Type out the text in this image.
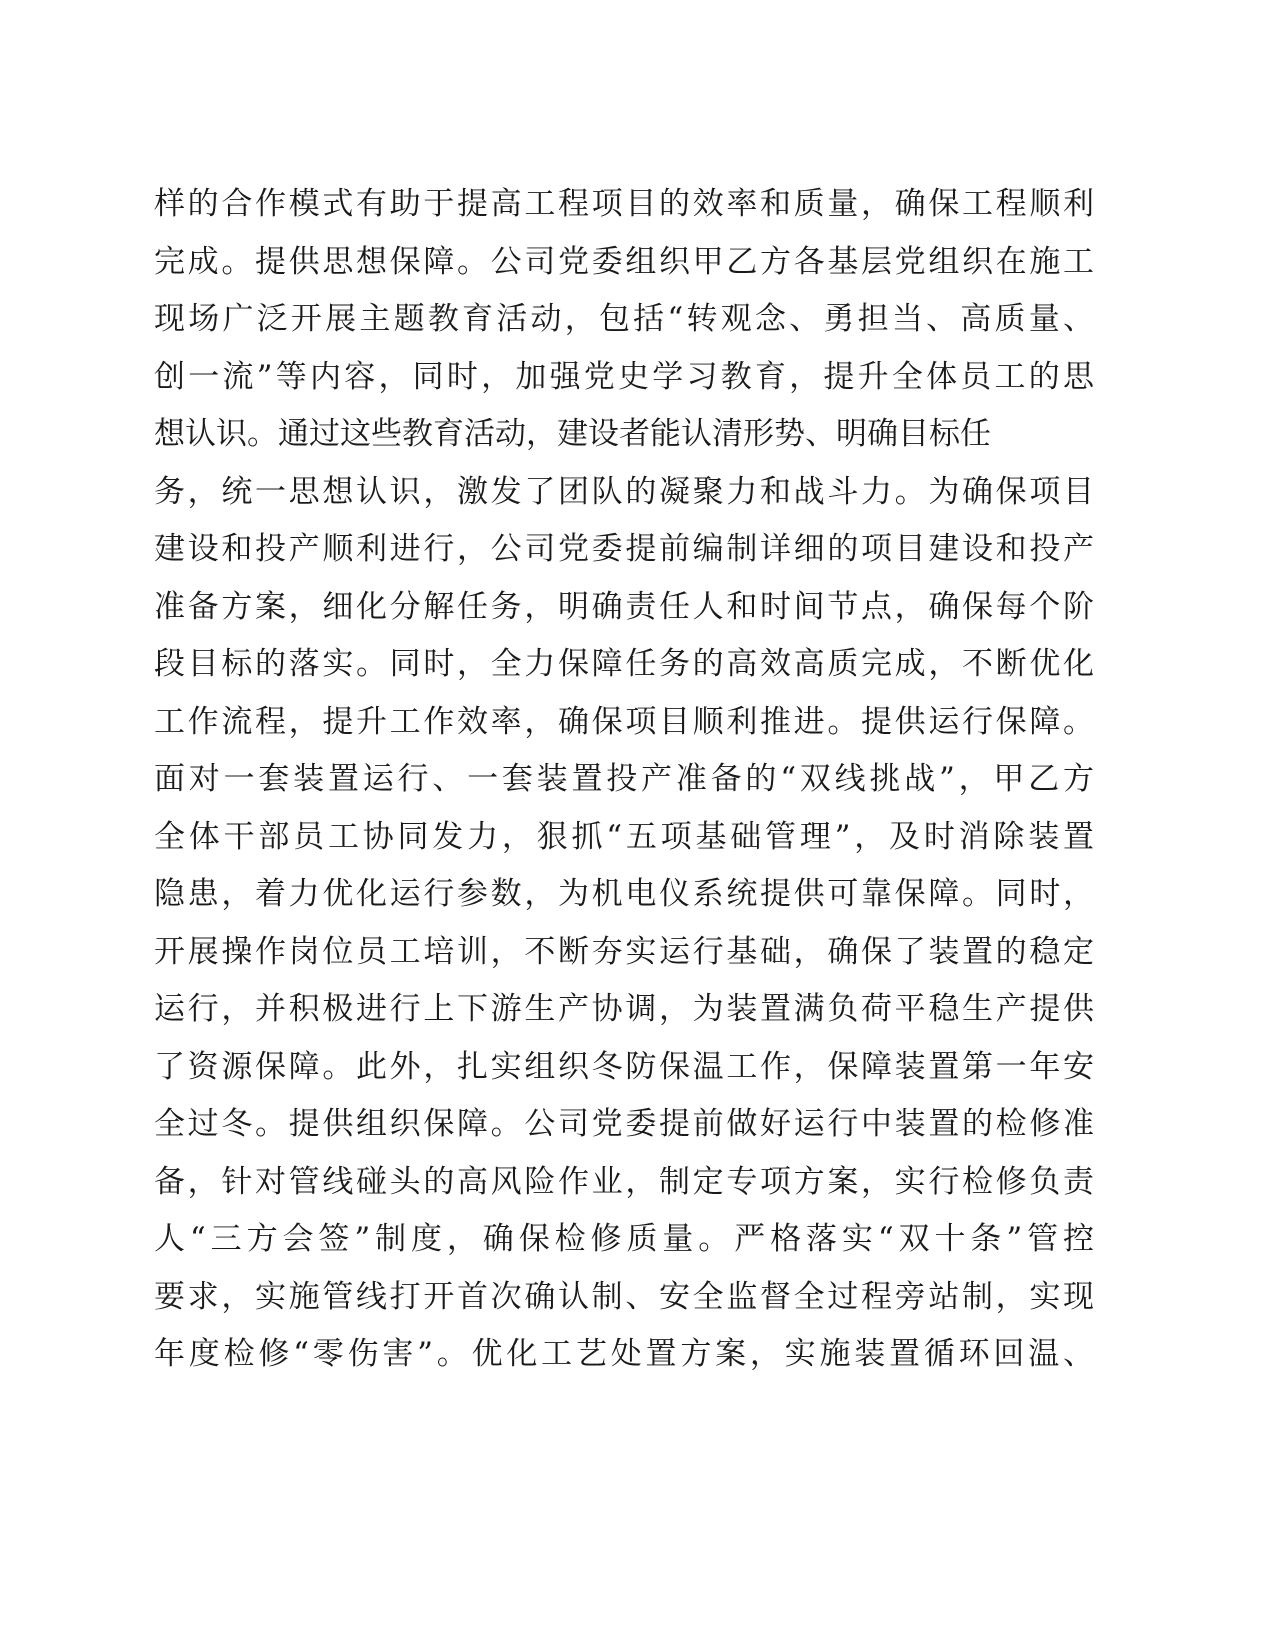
样的合作模式有助于提高工程项目的效率和质量，确保工程顺利
完成。提供思想保障。公司党委组织甲乙方各基层党组织在施工
现场广泛开展主题教育活动，包括“转观念、勇担当、高质量、
创一流”等内容，同时，加强党史学习教育，提升全体员工的思
想认识。通过这些教育活动，建设者能认清形势、明确目标任
务，统一思想认识，激发了团队的凝聚力和战斗力。为确保项目
建设和投产顺利进行，公司党委提前编制详细的项目建设和投产
准备方案，细化分解任务，明确责任人和时间节点，确保每个阶
段目标的落实。同时，全力保障任务的高效高质完成，不断优化
工作流程，提升工作效率，确保项目顺利推进。提供运行保障。
面对一套装置运行、一套装置投产准备的“双线挑战”，甲乙方
全体干部员工协同发力，狠抓“五项基础管理”，及时消除装置
隐患，着力优化运行参数，为机电仪系统提供可靠保障。同时，
开展操作岗位员工培训，不断夯实运行基础，确保了装置的稳定
运行，并积极进行上下游生产协调，为装置满负荷平稳生产提供
了资源保障。此外，扎实组织冬防保温工作，保障装置第一年安
全过冬。提供组织保障。公司党委提前做好运行中装置的检修准
备，针对管线碰头的高风险作业，制定专项方案，实行检修负责
人“三方会签”制度，确保检修质量。严格落实“双十条”管控
要求，实施管线打开首次确认制、安全监督全过程旁站制，实现
年度检修“零伤害”。优化工艺处置方案，实施装置循环回温、
